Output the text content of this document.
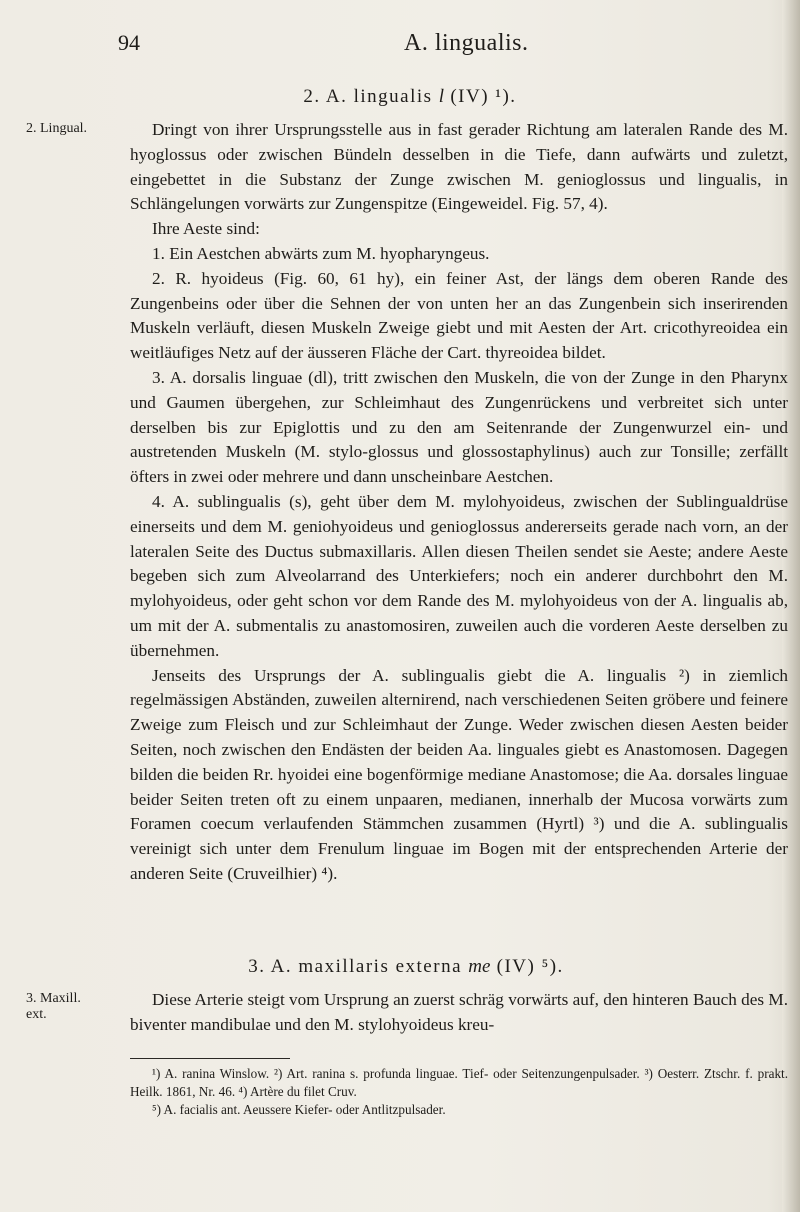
94	A. lingualis.
2. A. lingualis l (IV) ¹).
2. Lingual.	Dringt von ihrer Ursprungsstelle aus in fast gerader Richtung am lateralen Rande des M. hyoglossus oder zwischen Bündeln desselben in die Tiefe, dann aufwärts und zuletzt, eingebettet in die Substanz der Zunge zwischen M. genioglossus und lingualis, in Schlängelungen vorwärts zur Zungenspitze (Eingeweidel. Fig. 57, 4).

Ihre Aeste sind:

1. Ein Aestchen abwärts zum M. hyopharyngeus.

2. R. hyoideus (Fig. 60, 61 hy), ein feiner Ast, der längs dem oberen Rande des Zungenbeins oder über die Sehnen der von unten her an das Zungenbein sich inserirenden Muskeln verläuft, diesen Muskeln Zweige giebt und mit Aesten der Art. cricothyreoidea ein weitläufiges Netz auf der äusseren Fläche der Cart. thyreoidea bildet.

3. A. dorsalis linguae (dl), tritt zwischen den Muskeln, die von der Zunge in den Pharynx und Gaumen übergehen, zur Schleimhaut des Zungenrückens und verbreitet sich unter derselben bis zur Epiglottis und zu den am Seitenrande der Zungenwurzel ein- und austretenden Muskeln (M. stylo-glossus und glossostaphylinus) auch zur Tonsille; zerfällt öfters in zwei oder mehrere und dann unscheinbare Aestchen.

4. A. sublingualis (s), geht über dem M. mylohyoideus, zwischen der Sublingualdrüse einerseits und dem M. geniohyoideus und genioglossus andererseits gerade nach vorn, an der lateralen Seite des Ductus submaxillaris. Allen diesen Theilen sendet sie Aeste; andere Aeste begeben sich zum Alveolarrand des Unterkiefers; noch ein anderer durchbohrt den M. mylohyoideus, oder geht schon vor dem Rande des M. mylohyoideus von der A. lingualis ab, um mit der A. submentalis zu anastomosiren, zuweilen auch die vorderen Aeste derselben zu übernehmen.

Jenseits des Ursprungs der A. sublingualis giebt die A. lingualis ²) in ziemlich regelmässigen Abständen, zuweilen alternirend, nach verschiedenen Seiten gröbere und feinere Zweige zum Fleisch und zur Schleimhaut der Zunge. Weder zwischen diesen Aesten beider Seiten, noch zwischen den Endästen der beiden Aa. linguales giebt es Anastomosen. Dagegen bilden die beiden Rr. hyoidei eine bogenförmige mediane Anastomose; die Aa. dorsales linguae beider Seiten treten oft zu einem unpaaren, medianen, innerhalb der Mucosa vorwärts zum Foramen coecum verlaufenden Stämmchen zusammen (Hyrtl) ³) und die A. sublingualis vereinigt sich unter dem Frenulum linguae im Bogen mit der entsprechenden Arterie der anderen Seite (Cruveilhier) ⁴).

3. A. maxillaris externa me (IV) ⁵).
3. Maxill. ext.

Diese Arterie steigt vom Ursprung an zuerst schräg vorwärts auf, den hinteren Bauch des M. biventer mandibulae und den M. stylohyoideus kreu-

¹) A. ranina Winslow. ²) Art. ranina s. profunda linguae. Tief- oder Seitenzungenpulsader. ³) Oesterr. Ztschr. f. prakt. Heilk. 1861, Nr. 46. ⁴) Artère du filet Cruv.

⁵) A. facialis ant. Aeussere Kiefer- oder Antlitzpulsader.
